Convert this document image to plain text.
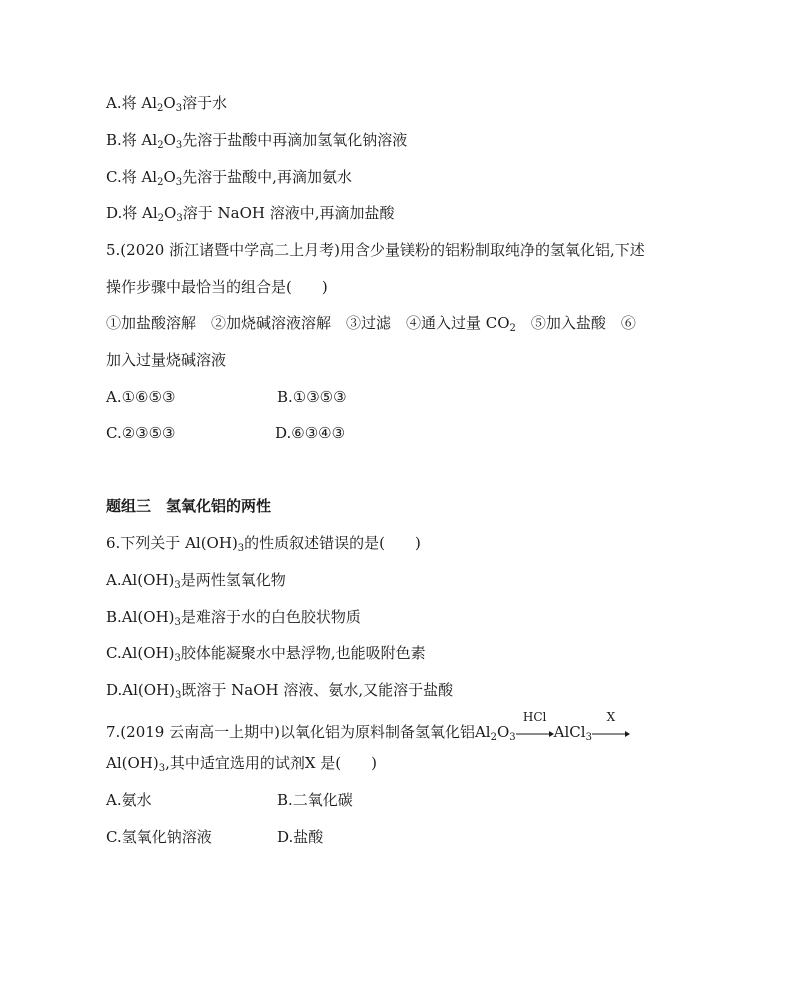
A.将 $Al_2O_3$溶于水
B.将 $Al_2O_3$先溶于盐酸中再滴加氢氧化钠溶液
C.将 $Al_2O_3$先溶于盐酸中,再滴加氨水
D.将 $Al_2O_3$溶于 NaOH 溶液中,再滴加盐酸
5.(2020 浙江诸暨中学高二上月考)用含少量镁粉的铝粉制取纯净的氢氧化铝,下述
操作步骤中最恰当的组合是(　　)
①加盐酸溶解　②加烧碱溶液溶解　③过滤　④通入过量 $CO_2$　⑤加入盐酸　⑥
加入过量烧碱溶液
A.①⑥⑤③	B.①③⑤③
C.②③⑤③	D.⑥③④③
题组三　氢氧化铝的两性
6.下列关于 $Al(OH)_3$的性质叙述错误的是(　　)
$A.Al(OH)_3$是两性氢氧化物
$B.Al(OH)_3$是难溶于水的白色胶状物质
$C.Al(OH)_3$胶体能凝聚水中悬浮物,也能吸附色素
$D.Al(OH)_3$既溶于 NaOH 溶液、氨水,又能溶于盐酸
7.(2019 云南高一上期中)以氧化铝为原料制备氢氧化铝$Al_2O_3$
HCl
AlCl$_3$
X
$Al(OH)_3$,其中适宜选用的试剂X 是(　　)
A.氨水	B.二氧化碳
C.氢氧化钠溶液	D.盐酸
